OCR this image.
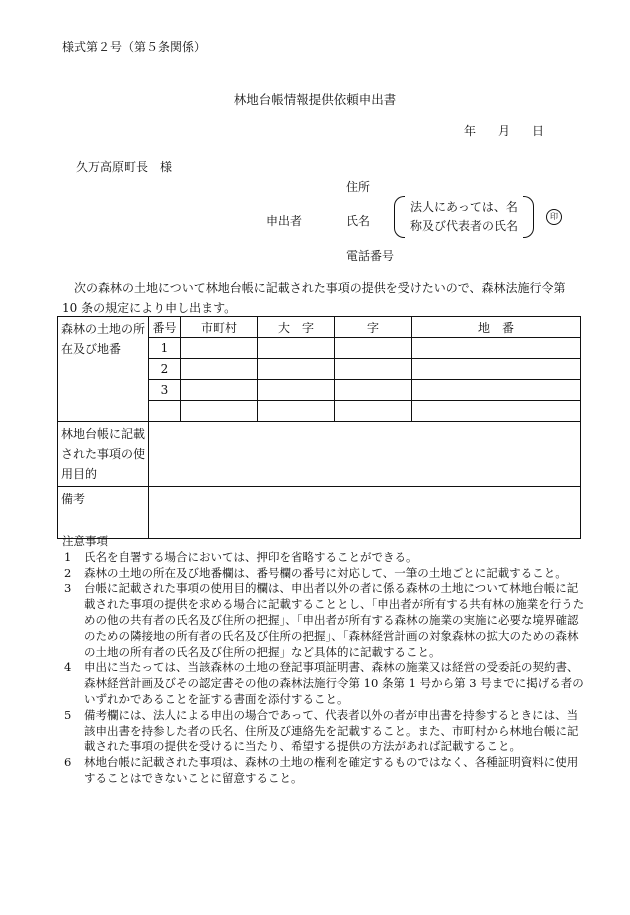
様式第２号（第５条関係）
林地台帳情報提供依頼申出書
年 月 日
久万高原町長　様
申出者
住所
氏名
法人にあっては、名
称及び代表者の氏名
印
電話番号
次の森林の土地について林地台帳に記載された事項の提供を受けたいので、森林法施行令第 10 条の規定により申し出ます。
森林の土地の所在及び地番	番号	市町村	大　字	字	地　番
	1				
	2				
	3				

林地台帳に記載された事項の使用目的					
備考					
注意事項
1 氏名を自署する場合においては、押印を省略することができる。
2 森林の土地の所在及び地番欄は、番号欄の番号に対応して、一筆の土地ごとに記載すること。
3 台帳に記載された事項の使用目的欄は、申出者以外の者に係る森林の土地について林地台帳に記載された事項の提供を求める場合に記載することとし、「申出者が所有する共有林の施業を行うための他の共有者の氏名及び住所の把握」、「申出者が所有する森林の施業の実施に必要な境界確認のための隣接地の所有者の氏名及び住所の把握」、「森林経営計画の対象森林の拡大のための森林の土地の所有者の氏名及び住所の把握」など具体的に記載すること。
4 申出に当たっては、当該森林の土地の登記事項証明書、森林の施業又は経営の受委託の契約書、森林経営計画及びその認定書その他の森林法施行令第 10 条第 1 号から第 3 号までに掲げる者のいずれかであることを証する書面を添付すること。
5 備考欄には、法人による申出の場合であって、代表者以外の者が申出書を持参するときには、当該申出書を持参した者の氏名、住所及び連絡先を記載すること。また、市町村から林地台帳に記載された事項の提供を受けるに当たり、希望する提供の方法があれば記載すること。
6 林地台帳に記載された事項は、森林の土地の権利を確定するものではなく、各種証明資料に使用することはできないことに留意すること。
